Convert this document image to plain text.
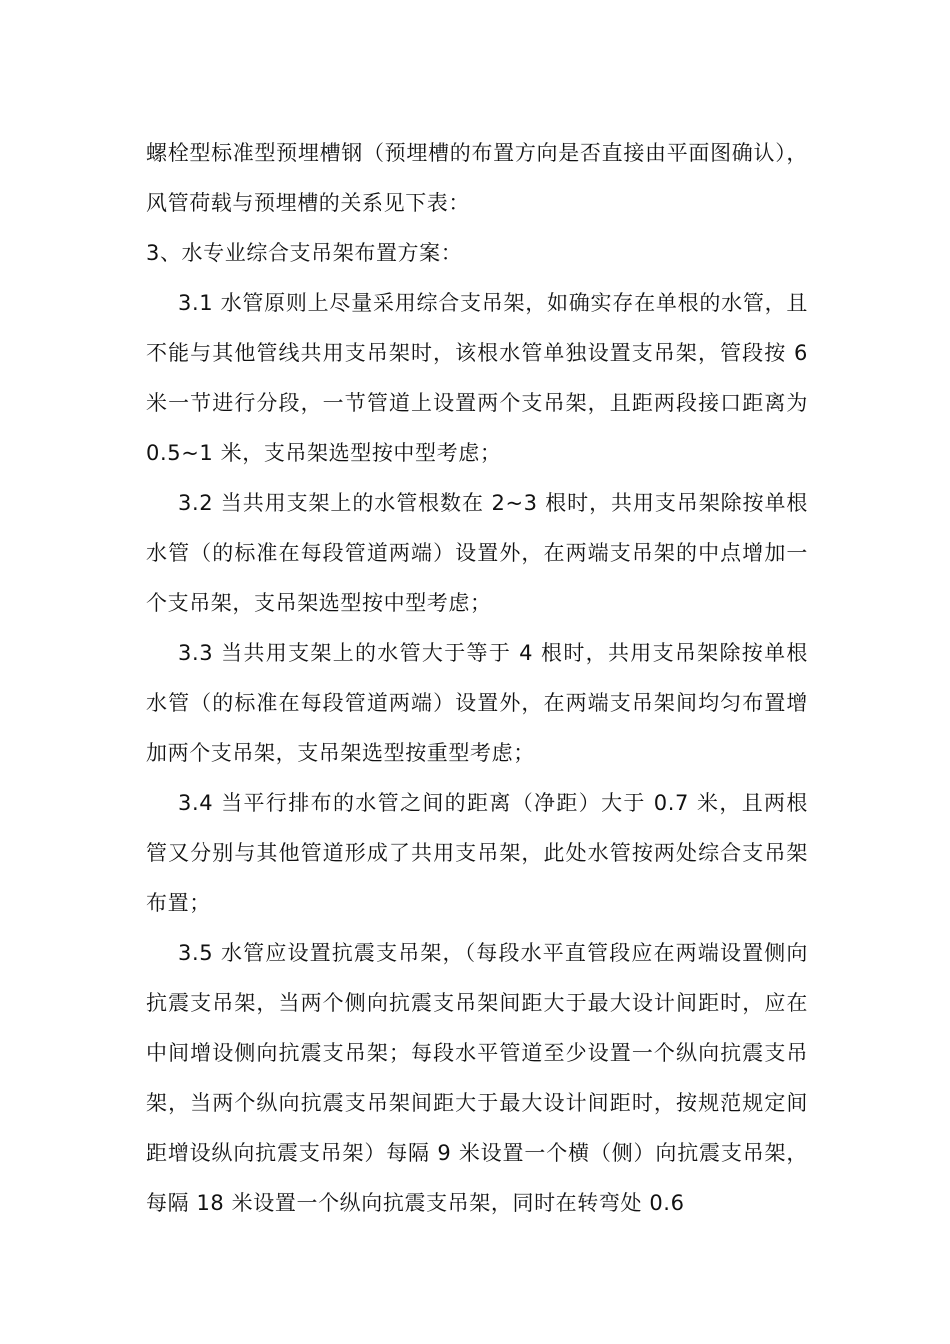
螺栓型标准型预埋槽钢（预埋槽的布置方向是否直接由平面图确认），风管荷载与预埋槽的关系见下表：

3、水专业综合支吊架布置方案：

3.1 水管原则上尽量采用综合支吊架，如确实存在单根的水管，且不能与其他管线共用支吊架时，该根水管单独设置支吊架，管段按 6 米一节进行分段，一节管道上设置两个支吊架，且距两段接口距离为 0.5~1 米，支吊架选型按中型考虑；

3.2 当共用支架上的水管根数在 2~3 根时，共用支吊架除按单根水管（的标准在每段管道两端）设置外，在两端支吊架的中点增加一个支吊架，支吊架选型按中型考虑；

3.3 当共用支架上的水管大于等于 4 根时，共用支吊架除按单根水管（的标准在每段管道两端）设置外，在两端支吊架间均匀布置增加两个支吊架，支吊架选型按重型考虑；

3.4 当平行排布的水管之间的距离（净距）大于 0.7 米，且两根管又分别与其他管道形成了共用支吊架，此处水管按两处综合支吊架布置；

3.5 水管应设置抗震支吊架，（每段水平直管段应在两端设置侧向抗震支吊架，当两个侧向抗震支吊架间距大于最大设计间距时，应在中间增设侧向抗震支吊架；每段水平管道至少设置一个纵向抗震支吊架，当两个纵向抗震支吊架间距大于最大设计间距时，按规范规定间距增设纵向抗震支吊架）每隔 9 米设置一个横（侧）向抗震支吊架，每隔 18 米设置一个纵向抗震支吊架，同时在转弯处 0.6
